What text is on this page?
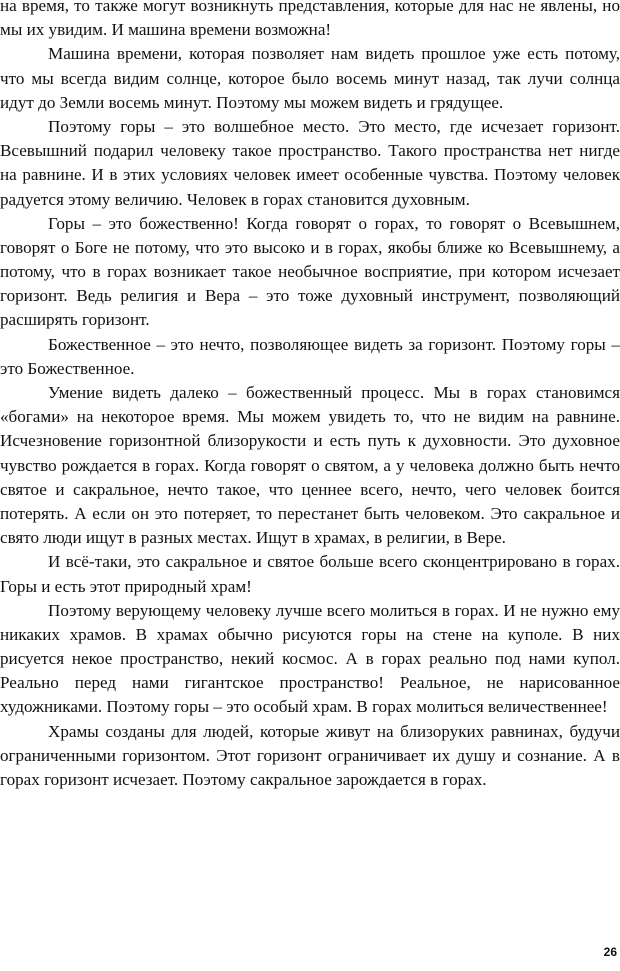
на время, то также могут возникнуть представления, которые для нас не явлены, но мы их увидим. И машина времени возможна!

Машина времени, которая позволяет нам видеть прошлое уже есть потому, что мы всегда видим солнце, которое было восемь минут назад, так лучи солнца идут до Земли восемь минут. Поэтому мы можем видеть и грядущее.

Поэтому горы – это волшебное место. Это место, где исчезает горизонт. Всевышний подарил человеку такое пространство. Такого пространства нет нигде на равнине. И в этих условиях человек имеет особенные чувства. Поэтому человек радуется этому величию. Человек в горах становится духовным.

Горы – это божественно! Когда говорят о горах, то говорят о Всевышнем, говорят о Боге не потому, что это высоко и в горах, якобы ближе ко Всевышнему, а потому, что в горах возникает такое необычное восприятие, при котором исчезает горизонт. Ведь религия и Вера – это тоже духовный инструмент, позволяющий расширять горизонт.

Божественное – это нечто, позволяющее видеть за горизонт. Поэтому горы – это Божественное.

Умение видеть далеко – божественный процесс. Мы в горах становимся «богами» на некоторое время. Мы можем увидеть то, что не видим на равнине. Исчезновение горизонтной близорукости и есть путь к духовности. Это духовное чувство рождается в горах. Когда говорят о святом, а у человека должно быть нечто святое и сакральное, нечто такое, что ценнее всего, нечто, чего человек боится потерять. А если он это потеряет, то перестанет быть человеком. Это сакральное и свято люди ищут в разных местах. Ищут в храмах, в религии, в Вере.

И всё-таки, это сакральное и святое больше всего сконцентрировано в горах. Горы и есть этот природный храм!

Поэтому верующему человеку лучше всего молиться в горах. И не нужно ему никаких храмов. В храмах обычно рисуются горы на стене на куполе. В них рисуется некое пространство, некий космос. А в горах реально под нами купол. Реально перед нами гигантское пространство! Реальное, не нарисованное художниками. Поэтому горы – это особый храм. В горах молиться величественнее!

Храмы созданы для людей, которые живут на близоруких равнинах, будучи ограниченными горизонтом. Этот горизонт ограничивает их душу и сознание. А в горах горизонт исчезает. Поэтому сакральное зарождается в горах.

26
